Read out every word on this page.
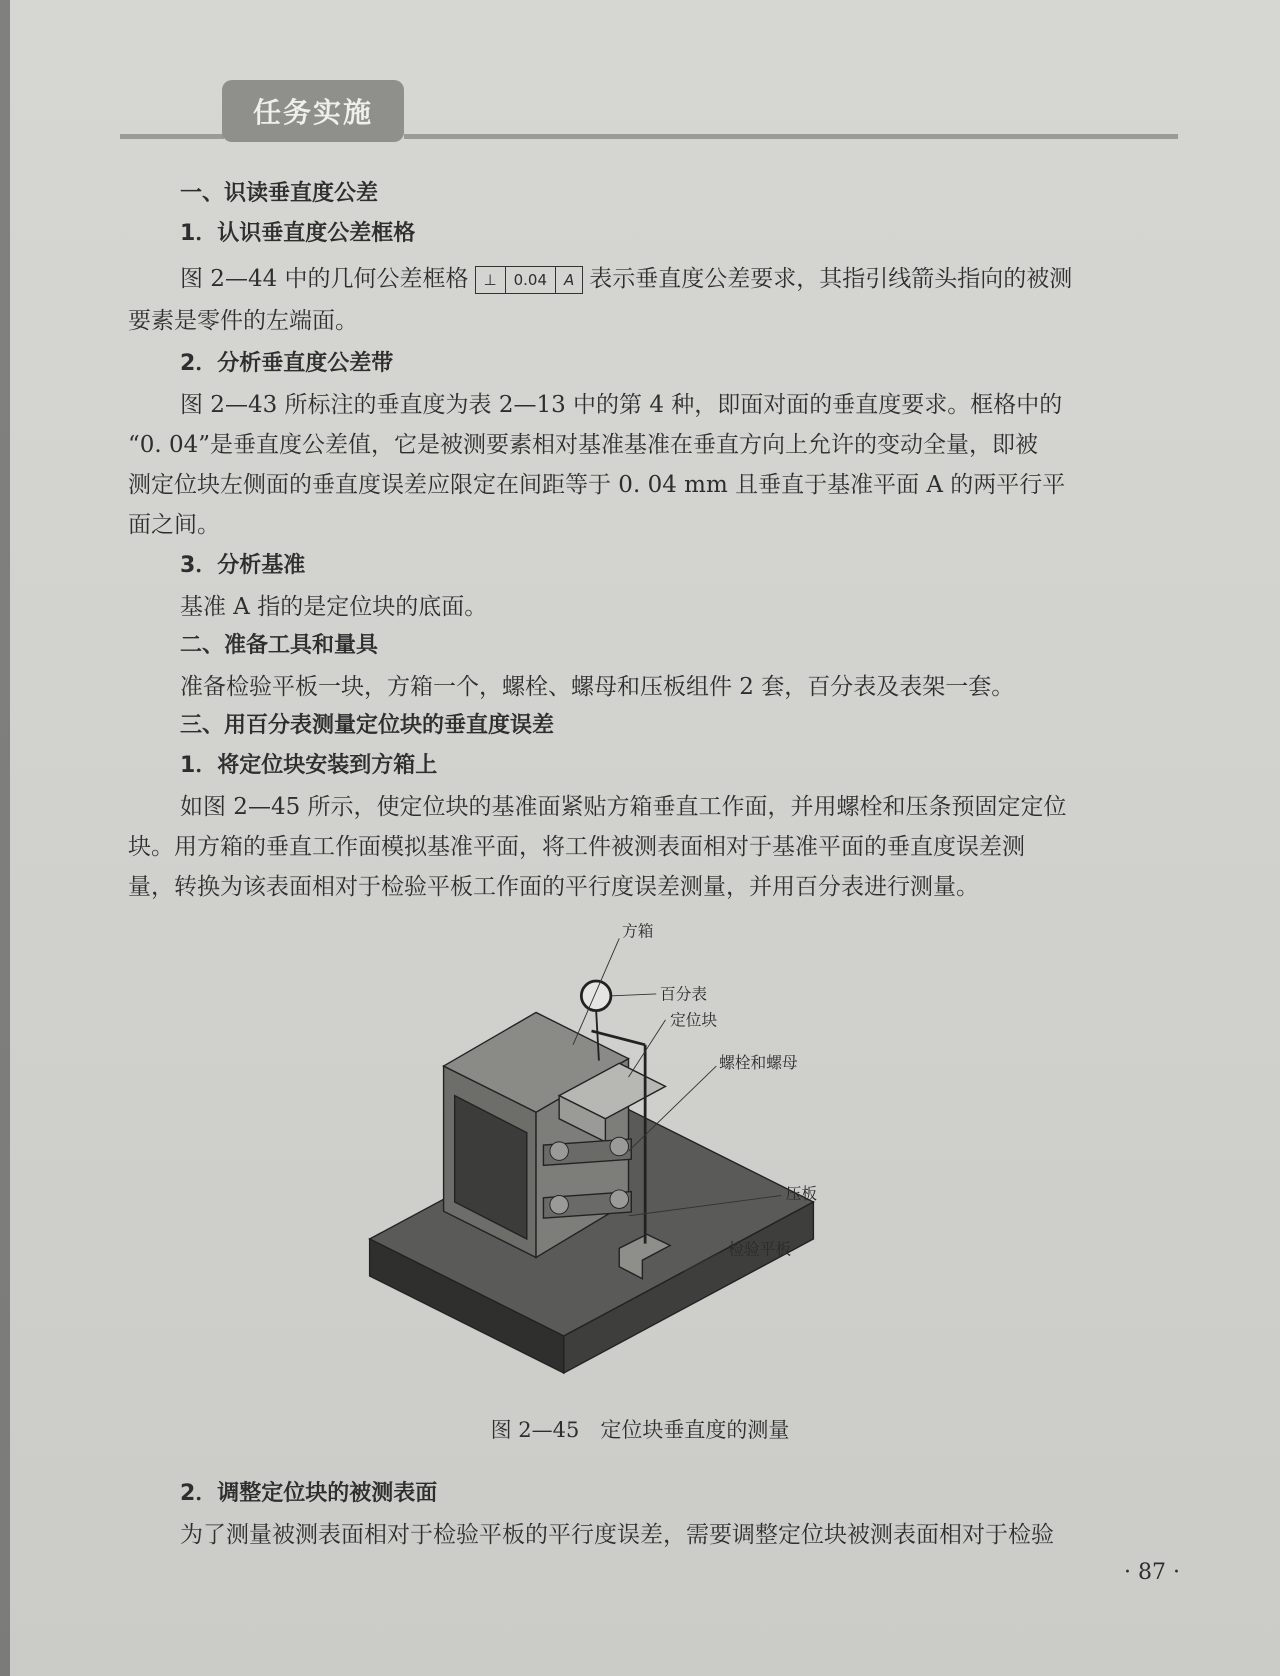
任务实施
一、识读垂直度公差
1．认识垂直度公差框格
图 2—44 中的几何公差框格	⊥	0.04	A 表示垂直度公差要求，其指引线箭头指向的被测
要素是零件的左端面。
2．分析垂直度公差带
图 2—43 所标注的垂直度为表 2—13 中的第 4 种，即面对面的垂直度要求。框格中的
“0. 04”是垂直度公差值，它是被测要素相对基准基准在垂直方向上允许的变动全量，即被
测定位块左侧面的垂直度误差应限定在间距等于 0. 04 mm 且垂直于基准平面 A 的两平行平
面之间。
3．分析基准
基准 A 指的是定位块的底面。
二、准备工具和量具
准备检验平板一块，方箱一个，螺栓、螺母和压板组件 2 套，百分表及表架一套。
三、用百分表测量定位块的垂直度误差
1．将定位块安装到方箱上
如图 2—45 所示，使定位块的基准面紧贴方箱垂直工作面，并用螺栓和压条预固定定位
块。用方箱的垂直工作面模拟基准平面，将工件被测表面相对于基准平面的垂直度误差测
量，转换为该表面相对于检验平板工作面的平行度误差测量，并用百分表进行测量。
方箱
百分表
定位块
螺栓和螺母
压板
检验平板
图 2—45　定位块垂直度的测量
2．调整定位块的被测表面
为了测量被测表面相对于检验平板的平行度误差，需要调整定位块被测表面相对于检验
· 87 ·
